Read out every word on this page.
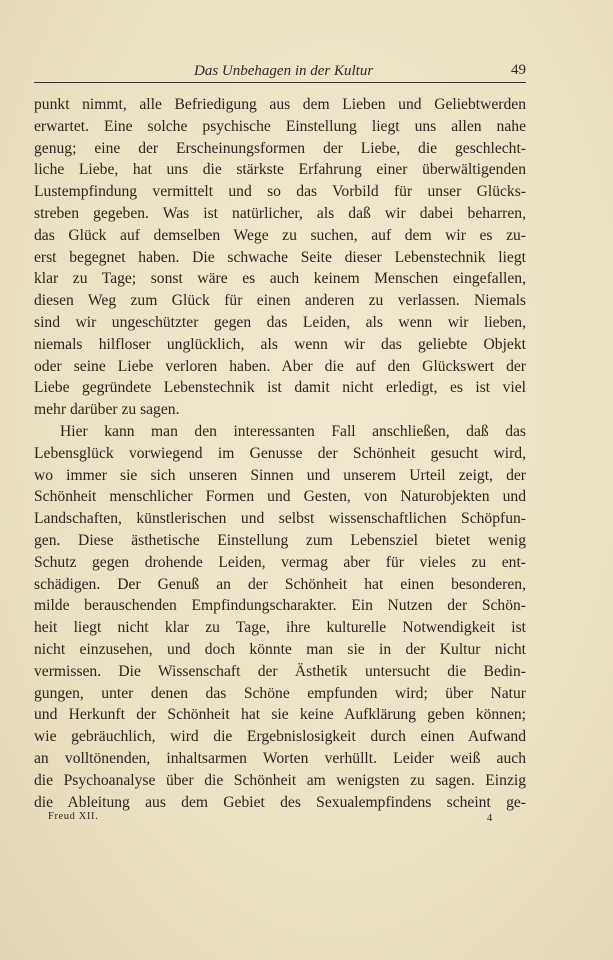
Das Unbehagen in der Kultur	49
punkt nimmt, alle Befriedigung aus dem Lieben und Geliebtwerden
erwartet. Eine solche psychische Einstellung liegt uns allen nahe
genug; eine der Erscheinungsformen der Liebe, die geschlecht-
liche Liebe, hat uns die stärkste Erfahrung einer überwältigenden
Lustempfindung vermittelt und so das Vorbild für unser Glücks-
streben gegeben. Was ist natürlicher, als daß wir dabei beharren,
das Glück auf demselben Wege zu suchen, auf dem wir es zu-
erst begegnet haben. Die schwache Seite dieser Lebenstechnik liegt
klar zu Tage; sonst wäre es auch keinem Menschen eingefallen,
diesen Weg zum Glück für einen anderen zu verlassen. Niemals
sind wir ungeschützter gegen das Leiden, als wenn wir lieben,
niemals hilfloser unglücklich, als wenn wir das geliebte Objekt
oder seine Liebe verloren haben. Aber die auf den Glückswert der
Liebe gegründete Lebenstechnik ist damit nicht erledigt, es ist viel
mehr darüber zu sagen.
Hier kann man den interessanten Fall anschließen, daß das
Lebensglück vorwiegend im Genusse der Schönheit gesucht wird,
wo immer sie sich unseren Sinnen und unserem Urteil zeigt, der
Schönheit menschlicher Formen und Gesten, von Naturobjekten und
Landschaften, künstlerischen und selbst wissenschaftlichen Schöpfun-
gen. Diese ästhetische Einstellung zum Lebensziel bietet wenig
Schutz gegen drohende Leiden, vermag aber für vieles zu ent-
schädigen. Der Genuß an der Schönheit hat einen besonderen,
milde berauschenden Empfindungscharakter. Ein Nutzen der Schön-
heit liegt nicht klar zu Tage, ihre kulturelle Notwendigkeit ist
nicht einzusehen, und doch könnte man sie in der Kultur nicht
vermissen. Die Wissenschaft der Ästhetik untersucht die Bedin-
gungen, unter denen das Schöne empfunden wird; über Natur
und Herkunft der Schönheit hat sie keine Aufklärung geben können;
wie gebräuchlich, wird die Ergebnislosigkeit durch einen Aufwand
an volltönenden, inhaltsarmen Worten verhüllt. Leider weiß auch
die Psychoanalyse über die Schönheit am wenigsten zu sagen. Einzig
die Ableitung aus dem Gebiet des Sexualempfindens scheint ge-
Freud XII.	4
